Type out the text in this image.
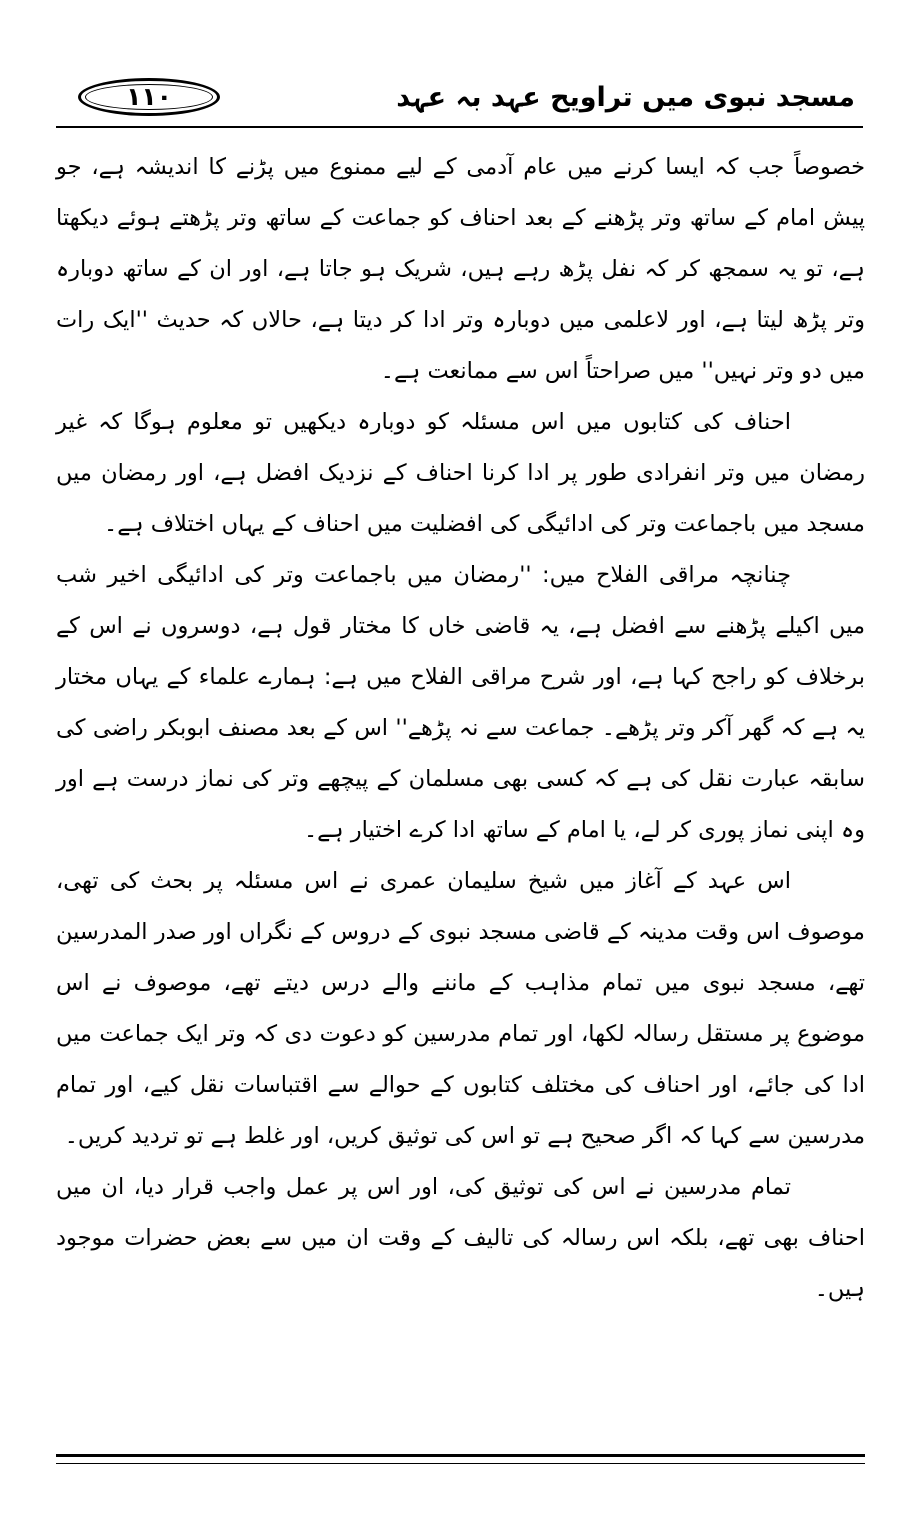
١١٠	مسجد نبوی میں تراویح عہد بہ عہد

خصوصاً جب کہ ایسا کرنے میں عام آدمی کے لیے ممنوع میں پڑنے کا اندیشہ ہے، جو پیش امام کے ساتھ وتر پڑھنے کے بعد احناف کو جماعت کے ساتھ وتر پڑھتے ہوئے دیکھتا ہے، تو یہ سمجھ کر کہ نفل پڑھ رہے ہیں، شریک ہو جاتا ہے، اور ان کے ساتھ دوبارہ وتر پڑھ لیتا ہے، اور لاعلمی میں دوبارہ وتر ادا کر دیتا ہے، حالاں کہ حدیث ''ایک رات میں دو وتر نہیں'' میں صراحتاً اس سے ممانعت ہے۔

احناف کی کتابوں میں اس مسئلہ کو دوبارہ دیکھیں تو معلوم ہوگا کہ غیر رمضان میں وتر انفرادی طور پر ادا کرنا احناف کے نزدیک افضل ہے، اور رمضان میں مسجد میں باجماعت وتر کی ادائیگی کی افضلیت میں احناف کے یہاں اختلاف ہے۔

چنانچہ مراقی الفلاح میں: ''رمضان میں باجماعت وتر کی ادائیگی اخیر شب میں اکیلے پڑھنے سے افضل ہے، یہ قاضی خاں کا مختار قول ہے، دوسروں نے اس کے برخلاف کو راجح کہا ہے، اور شرح مراقی الفلاح میں ہے: ہمارے علماء کے یہاں مختار یہ ہے کہ گھر آکر وتر پڑھے۔ جماعت سے نہ پڑھے'' اس کے بعد مصنف ابوبکر راضی کی سابقہ عبارت نقل کی ہے کہ کسی بھی مسلمان کے پیچھے وتر کی نماز درست ہے اور وہ اپنی نماز پوری کر لے، یا امام کے ساتھ ادا کرے اختیار ہے۔

اس عہد کے آغاز میں شیخ سلیمان عمری نے اس مسئلہ پر بحث کی تھی، موصوف اس وقت مدینہ کے قاضی مسجد نبوی کے دروس کے نگراں اور صدر المدرسین تھے، مسجد نبوی میں تمام مذاہب کے ماننے والے درس دیتے تھے، موصوف نے اس موضوع پر مستقل رسالہ لکھا، اور تمام مدرسین کو دعوت دی کہ وتر ایک جماعت میں ادا کی جائے، اور احناف کی مختلف کتابوں کے حوالے سے اقتباسات نقل کیے، اور تمام مدرسین سے کہا کہ اگر صحیح ہے تو اس کی توثیق کریں، اور غلط ہے تو تردید کریں۔

تمام مدرسین نے اس کی توثیق کی، اور اس پر عمل واجب قرار دیا، ان میں احناف بھی تھے، بلکہ اس رسالہ کی تالیف کے وقت ان میں سے بعض حضرات موجود ہیں۔
